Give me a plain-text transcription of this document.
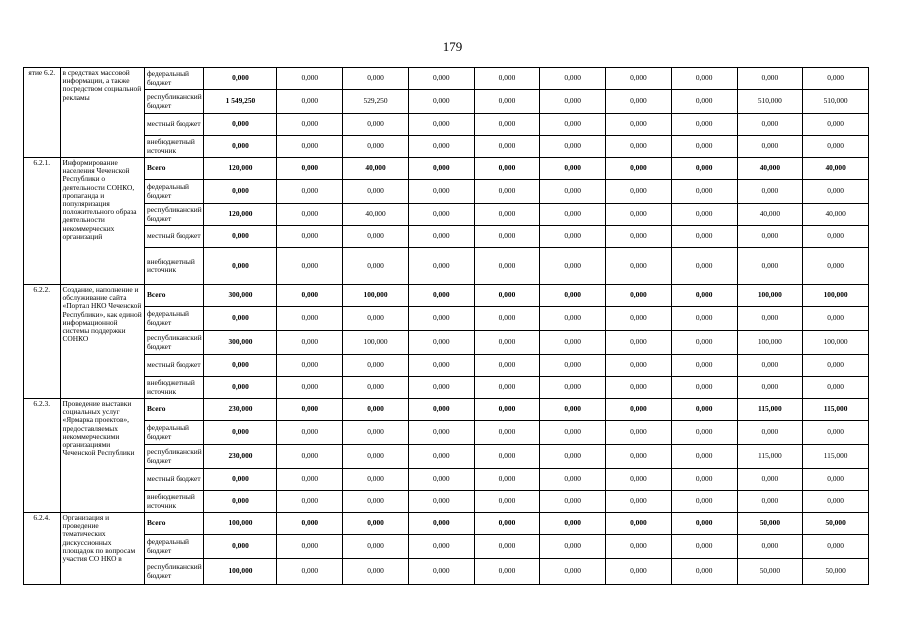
179
ятие 6.2.	в средствах массовой информации, а также посредством социальной рекламы	федеральный бюджет	0,000	0,000	0,000	0,000	0,000	0,000	0,000	0,000	0,000	0,000
		республиканский бюджет	1 549,250	0,000	529,250	0,000	0,000	0,000	0,000	0,000	510,000	510,000
		местный бюджет	0,000	0,000	0,000	0,000	0,000	0,000	0,000	0,000	0,000	0,000
		внебюджетный источник	0,000	0,000	0,000	0,000	0,000	0,000	0,000	0,000	0,000	0,000
6.2.1.	Информирование населения Чеченской Республики о деятельности СОНКО, пропаганда и популяризация положительного образа деятельности некоммерческих организаций	Всего	120,000	0,000	40,000	0,000	0,000	0,000	0,000	0,000	40,000	40,000
		федеральный бюджет	0,000	0,000	0,000	0,000	0,000	0,000	0,000	0,000	0,000	0,000
		республиканский бюджет	120,000	0,000	40,000	0,000	0,000	0,000	0,000	0,000	40,000	40,000
		местный бюджет	0,000	0,000	0,000	0,000	0,000	0,000	0,000	0,000	0,000	0,000
		внебюджетный источник	0,000	0,000	0,000	0,000	0,000	0,000	0,000	0,000	0,000	0,000
6.2.2.	Создание, наполнение и обслуживание сайта «Портал НКО Чеченской Республики», как единой информационной системы поддержки СОНКО	Всего	300,000	0,000	100,000	0,000	0,000	0,000	0,000	0,000	100,000	100,000
		федеральный бюджет	0,000	0,000	0,000	0,000	0,000	0,000	0,000	0,000	0,000	0,000
		республиканский бюджет	300,000	0,000	100,000	0,000	0,000	0,000	0,000	0,000	100,000	100,000
		местный бюджет	0,000	0,000	0,000	0,000	0,000	0,000	0,000	0,000	0,000	0,000
		внебюджетный источник	0,000	0,000	0,000	0,000	0,000	0,000	0,000	0,000	0,000	0,000
6.2.3.	Проведение выставки социальных услуг «Ярмарка проектов», предоставляемых некоммерческими организациями Чеченской Республики	Всего	230,000	0,000	0,000	0,000	0,000	0,000	0,000	0,000	115,000	115,000
		федеральный бюджет	0,000	0,000	0,000	0,000	0,000	0,000	0,000	0,000	0,000	0,000
		республиканский бюджет	230,000	0,000	0,000	0,000	0,000	0,000	0,000	0,000	115,000	115,000
		местный бюджет	0,000	0,000	0,000	0,000	0,000	0,000	0,000	0,000	0,000	0,000
		внебюджетный источник	0,000	0,000	0,000	0,000	0,000	0,000	0,000	0,000	0,000	0,000
6.2.4.	Организация и проведение тематических дискуссионных площадок по вопросам участия СО НКО в	Всего	100,000	0,000	0,000	0,000	0,000	0,000	0,000	0,000	50,000	50,000
		федеральный бюджет	0,000	0,000	0,000	0,000	0,000	0,000	0,000	0,000	0,000	0,000
		республиканский бюджет	100,000	0,000	0,000	0,000	0,000	0,000	0,000	0,000	50,000	50,000
